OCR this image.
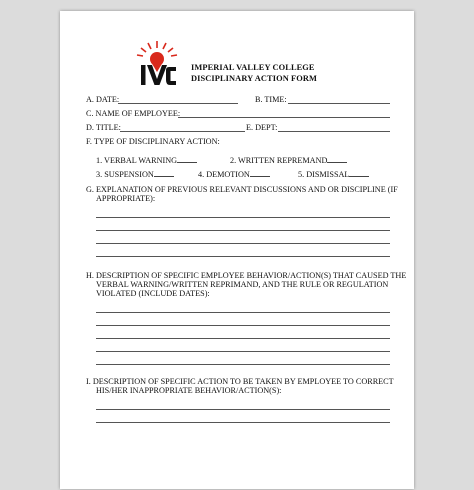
IMPERIAL VALLEY COLLEGE
DISCIPLINARY ACTION FORM
A. DATE:	B. TIME:
C. NAME OF EMPLOYEE:
D. TITLE:	E. DEPT:
F. TYPE OF DISCIPLINARY ACTION:
1. VERBAL WARNING	2. WRITTEN REPREMAND
3. SUSPENSION	4. DEMOTION	5. DISMISSAL
G. EXPLANATION OF PREVIOUS RELEVANT DISCUSSIONS AND OR DISCIPLINE (IF
APPROPRIATE):
H. DESCRIPTION OF SPECIFIC EMPLOYEE BEHAVIOR/ACTION(S) THAT CAUSED THE
VERBAL WARNING/WRITTEN REPRIMAND, AND THE RULE OR REGULATION
VIOLATED (INCLUDE DATES):
I. DESCRIPTION OF SPECIFIC ACTION TO BE TAKEN BY EMPLOYEE TO CORRECT
HIS/HER INAPPROPRIATE BEHAVIOR/ACTION(S):
